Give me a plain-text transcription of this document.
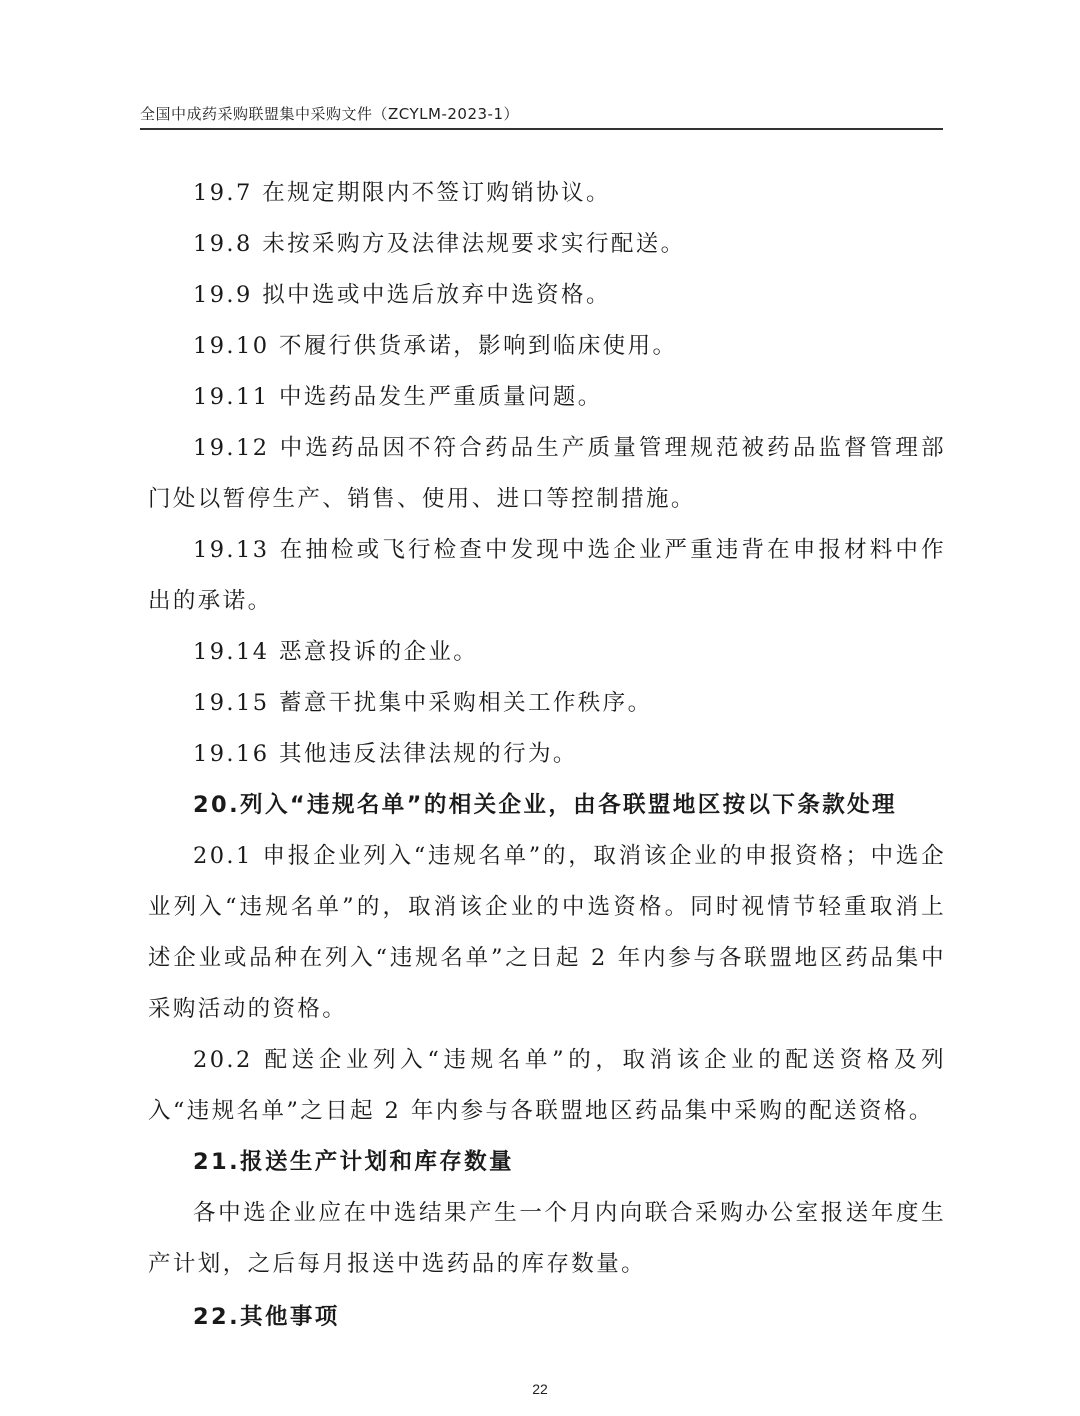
全国中成药采购联盟集中采购文件（ZCYLM-2023-1）

19.7 在规定期限内不签订购销协议。

19.8 未按采购方及法律法规要求实行配送。

19.9 拟中选或中选后放弃中选资格。

19.10 不履行供货承诺，影响到临床使用。

19.11 中选药品发生严重质量问题。

19.12 中选药品因不符合药品生产质量管理规范被药品监督管理部门处以暂停生产、销售、使用、进口等控制措施。

19.13 在抽检或飞行检查中发现中选企业严重违背在申报材料中作出的承诺。

19.14 恶意投诉的企业。

19.15 蓄意干扰集中采购相关工作秩序。

19.16 其他违反法律法规的行为。

20.列入“违规名单”的相关企业，由各联盟地区按以下条款处理

20.1 申报企业列入“违规名单”的，取消该企业的申报资格；中选企业列入“违规名单”的，取消该企业的中选资格。同时视情节轻重取消上述企业或品种在列入“违规名单”之日起 2 年内参与各联盟地区药品集中采购活动的资格。

20.2 配送企业列入“违规名单”的，取消该企业的配送资格及列入“违规名单”之日起 2 年内参与各联盟地区药品集中采购的配送资格。

21.报送生产计划和库存数量

各中选企业应在中选结果产生一个月内向联合采购办公室报送年度生产计划，之后每月报送中选药品的库存数量。

22.其他事项

22
